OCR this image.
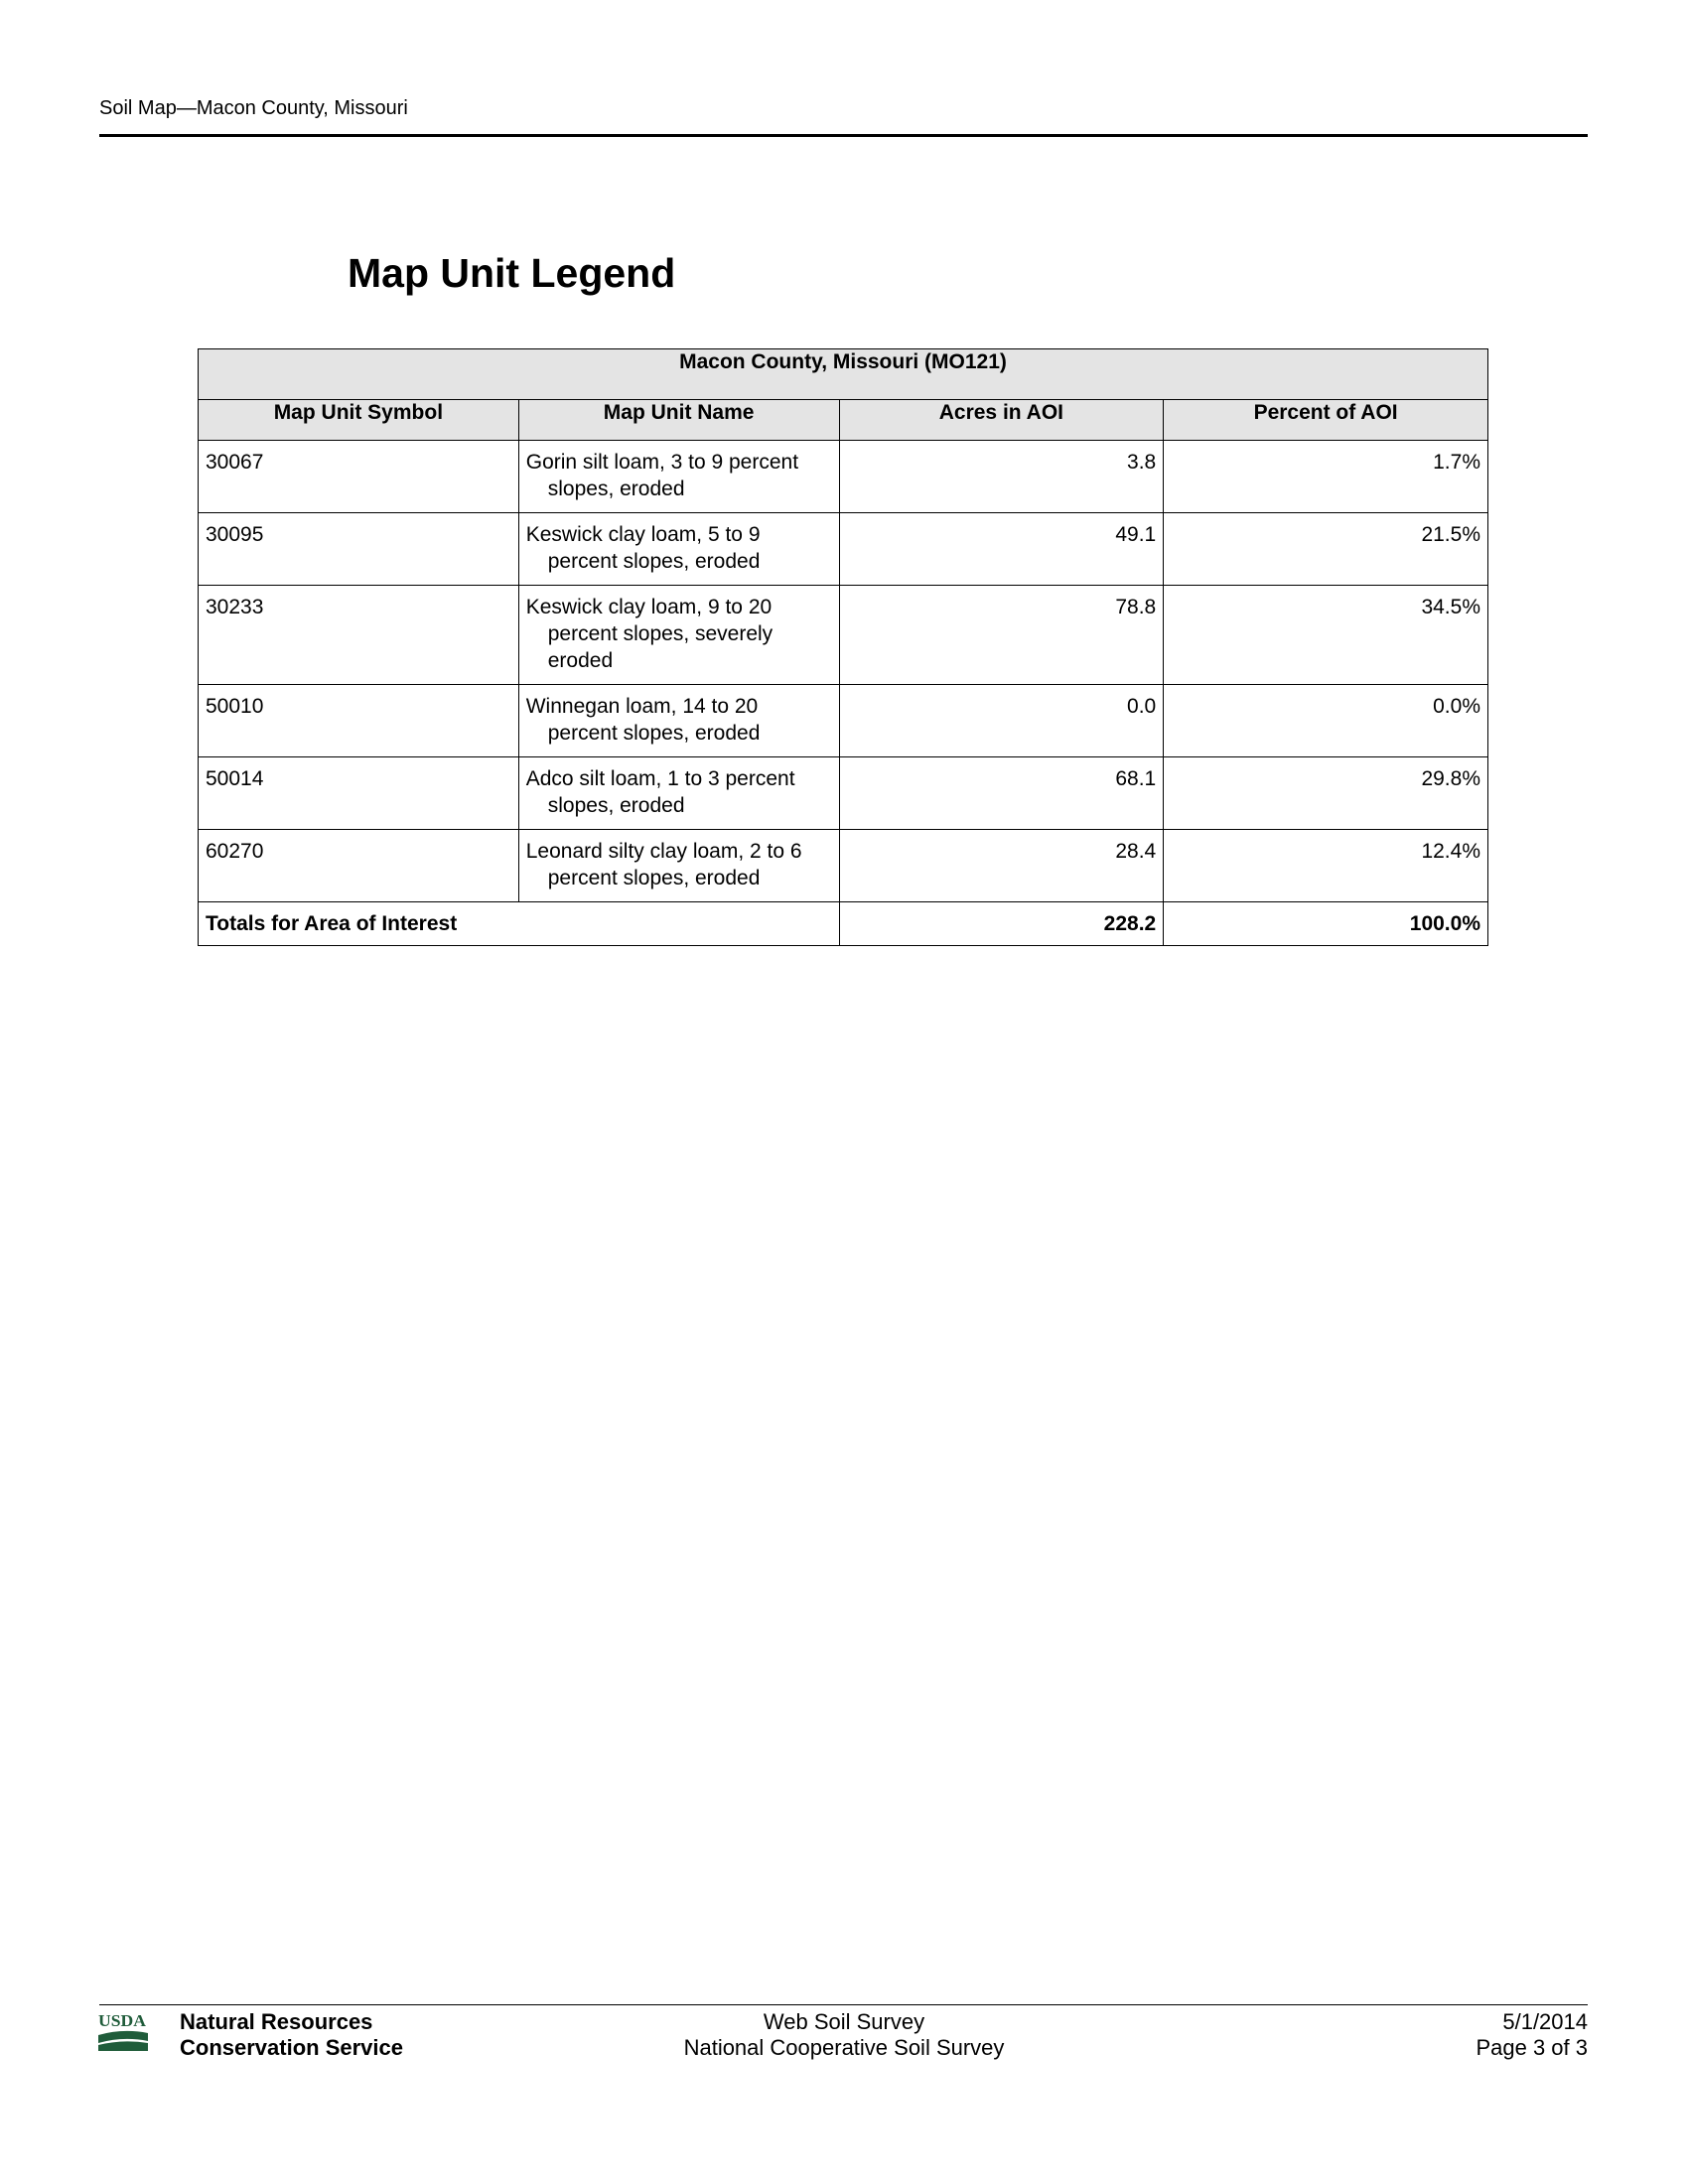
Soil Map—Macon County, Missouri
Map Unit Legend
Macon County, Missouri (MO121)			
Map Unit Symbol	Map Unit Name	Acres in AOI	Percent of AOI
30067	Gorin silt loam, 3 to 9 percent slopes, eroded	3.8	1.7%
30095	Keswick clay loam, 5 to 9 percent slopes, eroded	49.1	21.5%
30233	Keswick clay loam, 9 to 20 percent slopes, severely eroded	78.8	34.5%
50010	Winnegan loam, 14 to 20 percent slopes, eroded	0.0	0.0%
50014	Adco silt loam, 1 to 3 percent slopes, eroded	68.1	29.8%
60270	Leonard silty clay loam, 2 to 6 percent slopes, eroded	28.4	12.4%
Totals for Area of Interest		228.2	100.0%
USDA Natural Resources
Conservation Service
Web Soil Survey
National Cooperative Soil Survey
5/1/2014
Page 3 of 3
